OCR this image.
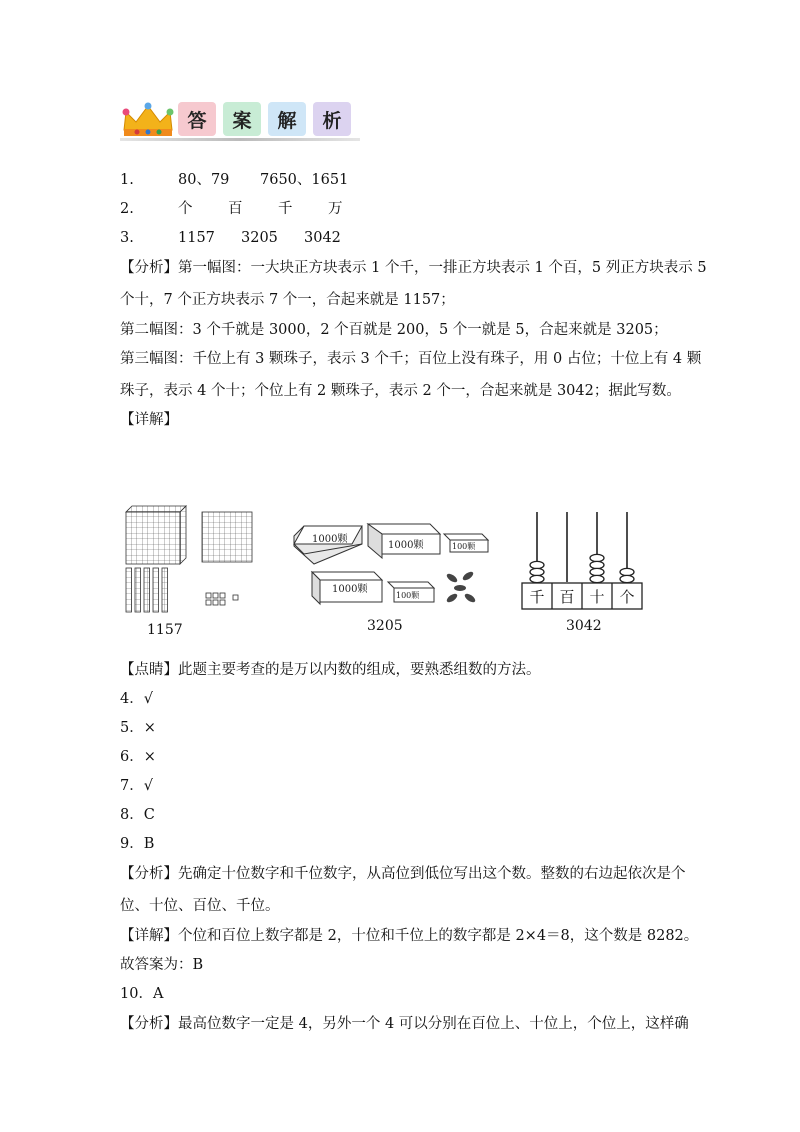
答	案	解	析
1.	80、79 7650、1651
2.	个 百 千 万
3.	1157 3205 3042
【分析】第一幅图：一大块正方块表示 1 个千，一排正方块表示 1 个百，5 列正方块表示 5
个十，7 个正方块表示 7 个一，合起来就是 1157；
第二幅图：3 个千就是 3000，2 个百就是 200，5 个一就是 5，合起来就是 3205；
第三幅图：千位上有 3 颗珠子，表示 3 个千；百位上没有珠子，用 0 占位；十位上有 4 颗
珠子，表示 4 个十；个位上有 2 颗珠子，表示 2 个一，合起来就是 3042；据此写数。
【详解】
1157
1000颗
1000颗	100颗
1000颗
100颗
3205
千 百 十 个
3042
【点睛】此题主要考查的是万以内数的组成，要熟悉组数的方法。
4．√
5．×
6．×
7．√
8．C
9．B
【分析】先确定十位数字和千位数字，从高位到低位写出这个数。整数的右边起依次是个
位、十位、百位、千位。
【详解】个位和百位上数字都是 2，十位和千位上的数字都是 2×4＝8，这个数是 8282。
故答案为：B
10．A
【分析】最高位数字一定是 4，另外一个 4 可以分别在百位上、十位上，个位上，这样确
